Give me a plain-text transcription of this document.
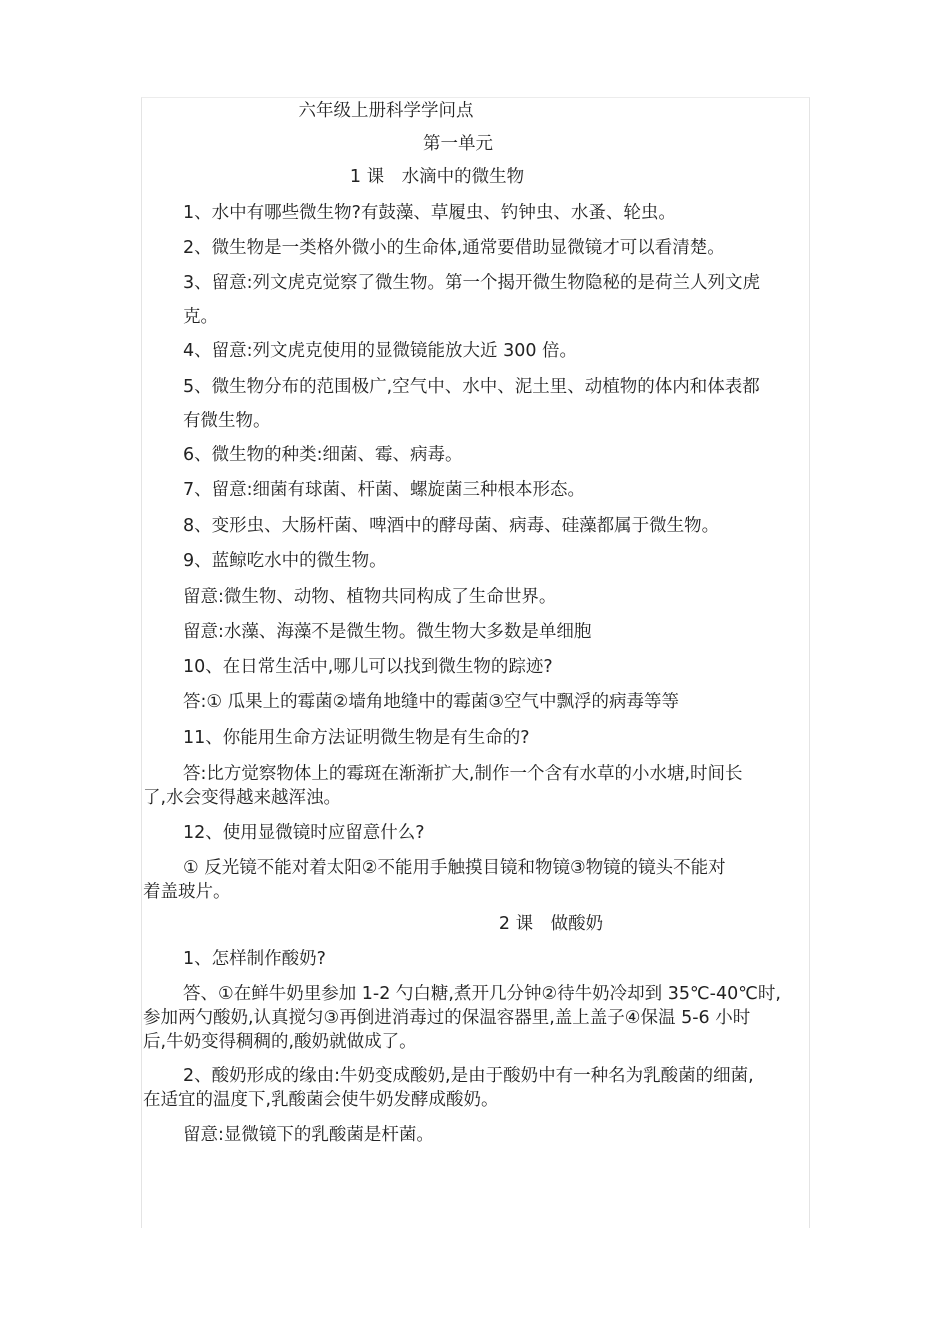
六年级上册科学学问点
第一单元
1 课　水滴中的微生物
1、水中有哪些微生物?有鼓藻、草履虫、钓钟虫、水蚤、轮虫。
2、微生物是一类格外微小的生命体,通常要借助显微镜才可以看清楚。
3、留意:列文虎克觉察了微生物。第一个揭开微生物隐秘的是荷兰人列文虎
克。
4、留意:列文虎克使用的显微镜能放大近 300 倍。
5、微生物分布的范围极广,空气中、水中、泥土里、动植物的体内和体表都
有微生物。
6、微生物的种类:细菌、霉、病毒。
7、留意:细菌有球菌、杆菌、螺旋菌三种根本形态。
8、变形虫、大肠杆菌、啤酒中的酵母菌、病毒、硅藻都属于微生物。
9、蓝鲸吃水中的微生物。
留意:微生物、动物、植物共同构成了生命世界。
留意:水藻、海藻不是微生物。微生物大多数是单细胞
10、在日常生活中,哪儿可以找到微生物的踪迹?
答:① 瓜果上的霉菌②墙角地缝中的霉菌③空气中飘浮的病毒等等
11、你能用生命方法证明微生物是有生命的?
答:比方觉察物体上的霉斑在渐渐扩大,制作一个含有水草的小水塘,时间长
了,水会变得越来越浑浊。
12、使用显微镜时应留意什么?
① 反光镜不能对着太阳②不能用手触摸目镜和物镜③物镜的镜头不能对
着盖玻片。
2 课　做酸奶
1、怎样制作酸奶?
答、①在鲜牛奶里参加 1-2 勺白糖,煮开几分钟②待牛奶冷却到 35℃-40℃时,
参加两勺酸奶,认真搅匀③再倒进消毒过的保温容器里,盖上盖子④保温 5-6 小时
后,牛奶变得稠稠的,酸奶就做成了。
2、酸奶形成的缘由:牛奶变成酸奶,是由于酸奶中有一种名为乳酸菌的细菌,
在适宜的温度下,乳酸菌会使牛奶发酵成酸奶。
留意:显微镜下的乳酸菌是杆菌。
